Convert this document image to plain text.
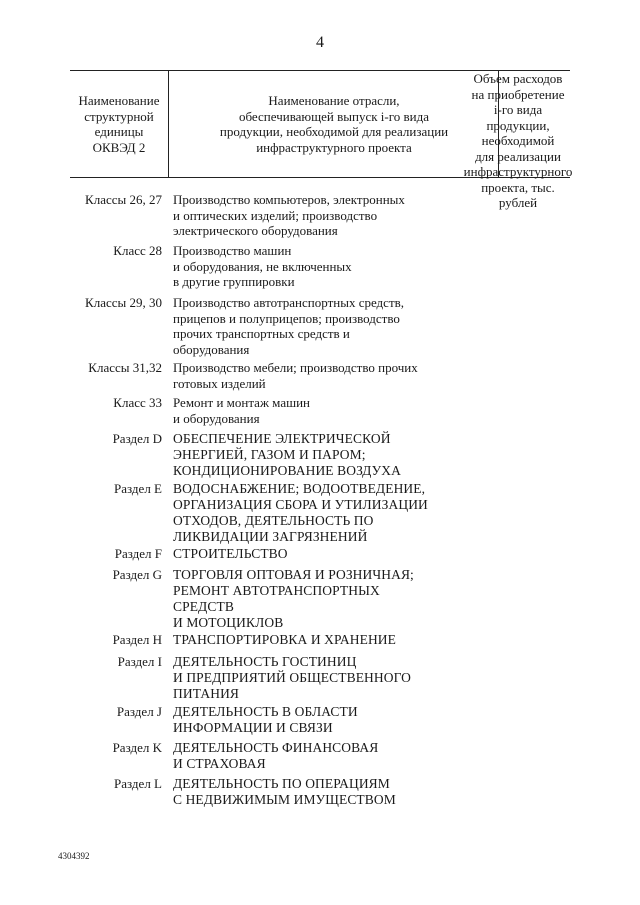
4
Наименование
структурной
единицы
ОКВЭД 2
Наименование отрасли,
обеспечивающей выпуск i-го вида
продукции, необходимой для реализации
инфраструктурного проекта
Объем расходов
на приобретение
i-го вида продукции,
необходимой
для реализации
инфраструктурного
проекта, тыс. рублей
Классы 26, 27 Производство компьютеров, электронных
и оптических изделий; производство
электрического оборудования
Класс 28 Производство машин
и оборудования, не включенных
в другие группировки
Классы 29, 30 Производство автотранспортных средств,
прицепов и полуприцепов; производство
прочих транспортных средств и
оборудования
Классы 31,32 Производство мебели; производство прочих
готовых изделий
Класс 33 Ремонт и монтаж машин
и оборудования
Раздел D ОБЕСПЕЧЕНИЕ ЭЛЕКТРИЧЕСКОЙ
ЭНЕРГИЕЙ, ГАЗОМ И ПАРОМ;
КОНДИЦИОНИРОВАНИЕ ВОЗДУХА
Раздел E ВОДОСНАБЖЕНИЕ; ВОДООТВЕДЕНИЕ,
ОРГАНИЗАЦИЯ СБОРА И УТИЛИЗАЦИИ
ОТХОДОВ, ДЕЯТЕЛЬНОСТЬ ПО
ЛИКВИДАЦИИ ЗАГРЯЗНЕНИЙ
Раздел F СТРОИТЕЛЬСТВО
Раздел G ТОРГОВЛЯ ОПТОВАЯ И РОЗНИЧНАЯ;
РЕМОНТ АВТОТРАНСПОРТНЫХ
СРЕДСТВ
И МОТОЦИКЛОВ
Раздел H ТРАНСПОРТИРОВКА И ХРАНЕНИЕ
Раздел I ДЕЯТЕЛЬНОСТЬ ГОСТИНИЦ
И ПРЕДПРИЯТИЙ ОБЩЕСТВЕННОГО
ПИТАНИЯ
Раздел J ДЕЯТЕЛЬНОСТЬ В ОБЛАСТИ
ИНФОРМАЦИИ И СВЯЗИ
Раздел K ДЕЯТЕЛЬНОСТЬ ФИНАНСОВАЯ
И СТРАХОВАЯ
Раздел L ДЕЯТЕЛЬНОСТЬ ПО ОПЕРАЦИЯМ
С НЕДВИЖИМЫМ ИМУЩЕСТВОМ
4304392
